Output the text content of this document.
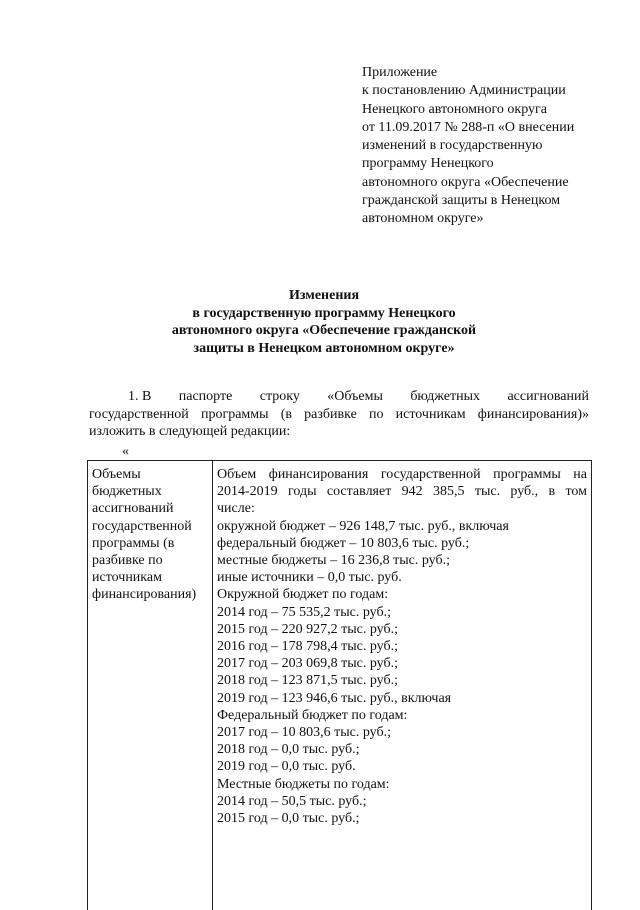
Приложение
к постановлению Администрации
Ненецкого автономного округа
от 11.09.2017 № 288-п «О внесении
изменений в государственную
программу Ненецкого
автономного округа «Обеспечение
гражданской защиты в Ненецком
автономном округе»
Изменения
в государственную программу Ненецкого
автономного округа «Обеспечение гражданской
защиты в Ненецком автономном округе»
1. В паспорте строку «Объемы бюджетных ассигнований
государственной программы (в разбивке по источникам финансирования)»
изложить в следующей редакции:
«
Объемы
бюджетных
ассигнований
государственной
программы (в
разбивке по
источникам
финансирования)
Объем финансирования государственной программы на
2014-2019 годы составляет 942 385,5 тыс. руб., в том
числе:
окружной бюджет – 926 148,7 тыс. руб., включая
федеральный бюджет – 10 803,6 тыс. руб.;
местные бюджеты – 16 236,8 тыс. руб.;
иные источники – 0,0 тыс. руб.
Окружной бюджет по годам:
2014 год – 75 535,2 тыс. руб.;
2015 год – 220 927,2 тыс. руб.;
2016 год – 178 798,4 тыс. руб.;
2017 год – 203 069,8 тыс. руб.;
2018 год – 123 871,5 тыс. руб.;
2019 год – 123 946,6 тыс. руб., включая
Федеральный бюджет по годам:
2017 год – 10 803,6 тыс. руб.;
2018 год – 0,0 тыс. руб.;
2019 год – 0,0 тыс. руб.
Местные бюджеты по годам:
2014 год – 50,5 тыс. руб.;
2015 год – 0,0 тыс. руб.;
